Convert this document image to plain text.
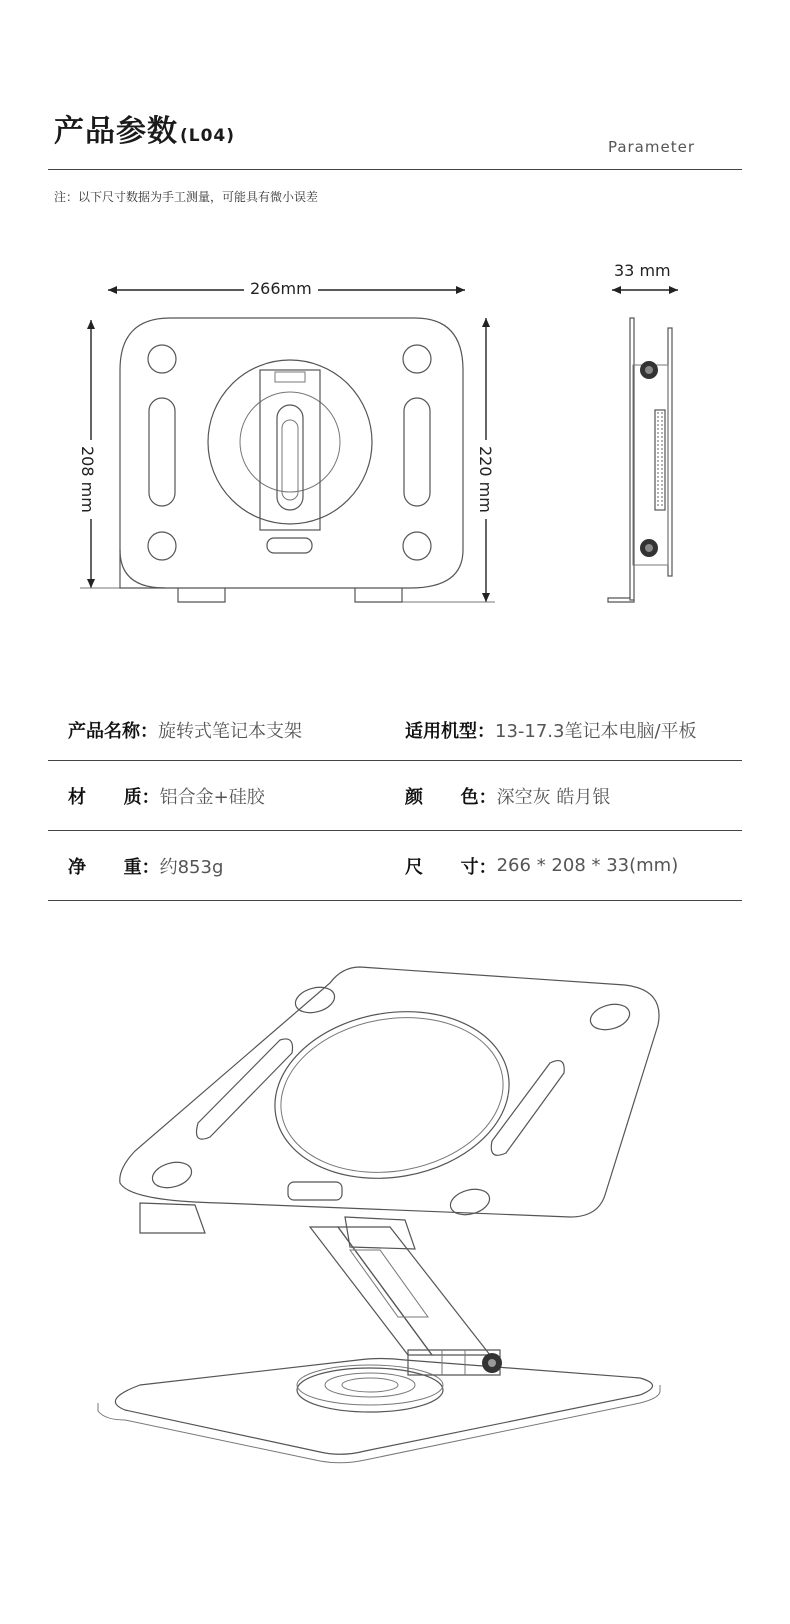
产品参数 (L04)
Parameter
注：以下尺寸数据为手工测量，可能具有微小误差
266mm
208 mm	220 mm
33 mm
产品名称 ： 旋转式笔记本支架	适用机型 ： 13-17.3笔记本电脑/平板
材      质 ： 铝合金+硅胶	颜      色 ： 深空灰 皓月银
净      重 ： 约853g	尺      寸 ： 266 * 208 * 33(mm)
